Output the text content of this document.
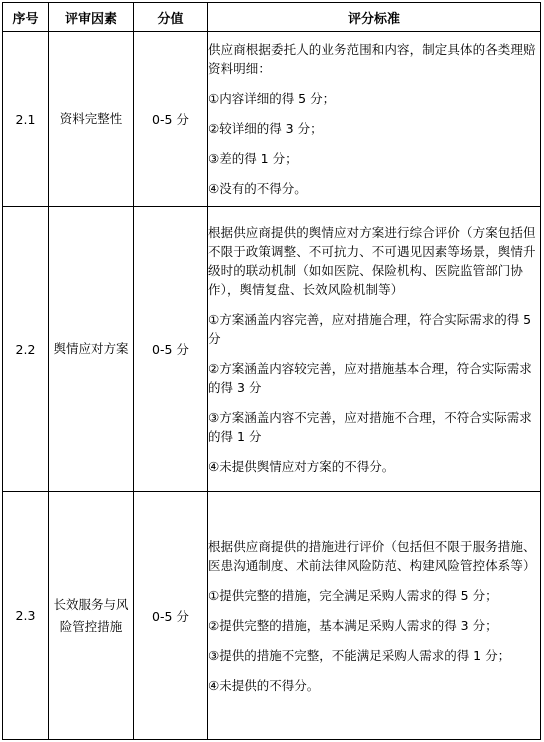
序号	评审因素	分值	评分标准
2.1	资料完整性	0-5 分	供应商根据委托人的业务范围和内容，制定具体的各类理赔资料明细：

①内容详细的得 5 分；

②较详细的得 3 分；

③差的得 1 分；

④没有的不得分。

2.2	舆情应对方案	0-5 分	根据供应商提供的舆情应对方案进行综合评价（方案包括但不限于政策调整、不可抗力、不可遇见因素等场景，舆情升级时的联动机制（如如医院、保险机构、医院监管部门协作），舆情复盘、长效风险机制等）

①方案涵盖内容完善，应对措施合理，符合实际需求的得 5 分

②方案涵盖内容较完善，应对措施基本合理，符合实际需求的得 3 分

③方案涵盖内容不完善，应对措施不合理，不符合实际需求的得 1 分

④未提供舆情应对方案的不得分。

2.3	长效服务与风险管控措施	0-5 分	根据供应商提供的措施进行评价（包括但不限于服务措施、医患沟通制度、术前法律风险防范、构建风险管控体系等）

①提供完整的措施，完全满足采购人需求的得 5 分；

②提供完整的措施，基本满足采购人需求的得 3 分；

③提供的措施不完整，不能满足采购人需求的得 1 分；

④未提供的不得分。
